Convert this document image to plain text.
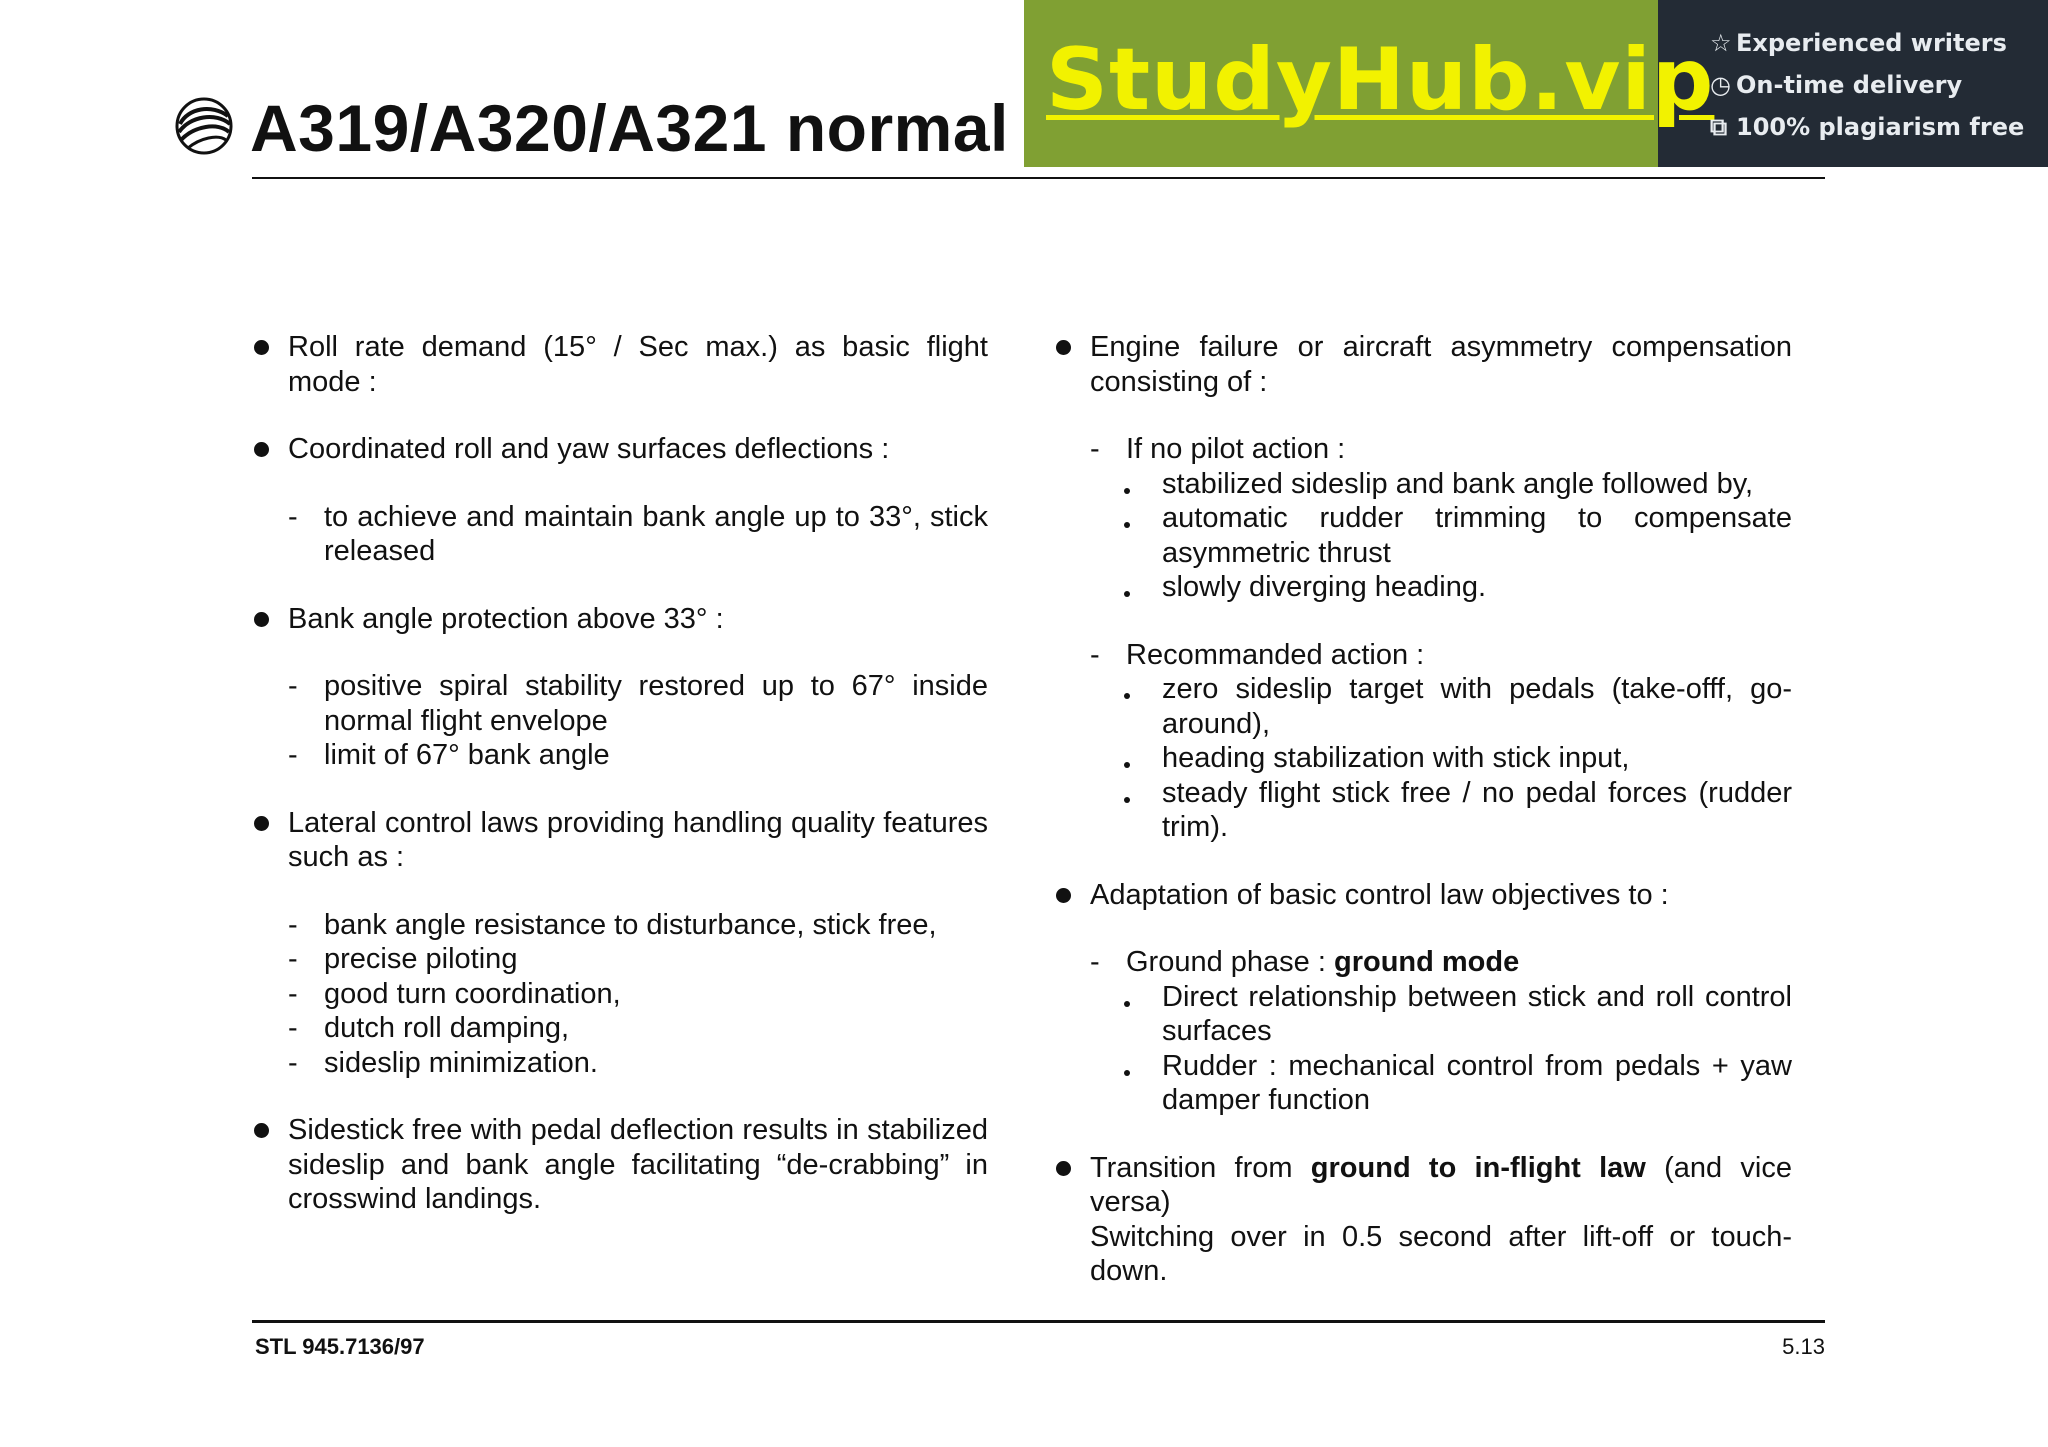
A319/A320/A321 normal StudyHub.vip
☆ Experienced writers
◷ On-time delivery
⧉ 100% plagiarism free
Roll rate demand (15° / Sec max.) as basic flight mode :
Coordinated roll and yaw surfaces deflections :
- to achieve and maintain bank angle up to 33°, stick released
Bank angle protection above 33° :
- positive spiral stability restored up to 67° inside normal flight envelope
- limit of 67° bank angle
Lateral control laws providing handling quality features such as :
- bank angle resistance to disturbance, stick free,
- precise piloting
- good turn coordination,
- dutch roll damping,
- sideslip minimization.
Sidestick free with pedal deflection results in stabilized sideslip and bank angle facilitating “de-crabbing” in crosswind landings.
Engine failure or aircraft asymmetry compensation consisting of :
- If no pilot action :
stabilized sideslip and bank angle followed by,
automatic rudder trimming to compensate asymmetric thrust
slowly diverging heading.
- Recommanded action :
zero sideslip target with pedals (take-offf, go-around),
heading stabilization with stick input,
steady flight stick free / no pedal forces (rudder trim).
Adaptation of basic control law objectives to :
- Ground phase : ground mode
Direct relationship between stick and roll control surfaces
Rudder : mechanical control from pedals + yaw damper function
Transition from ground to in-flight law (and vice versa)
Switching over in 0.5 second after lift-off or touch-down.
STL 945.7136/97	5.13
